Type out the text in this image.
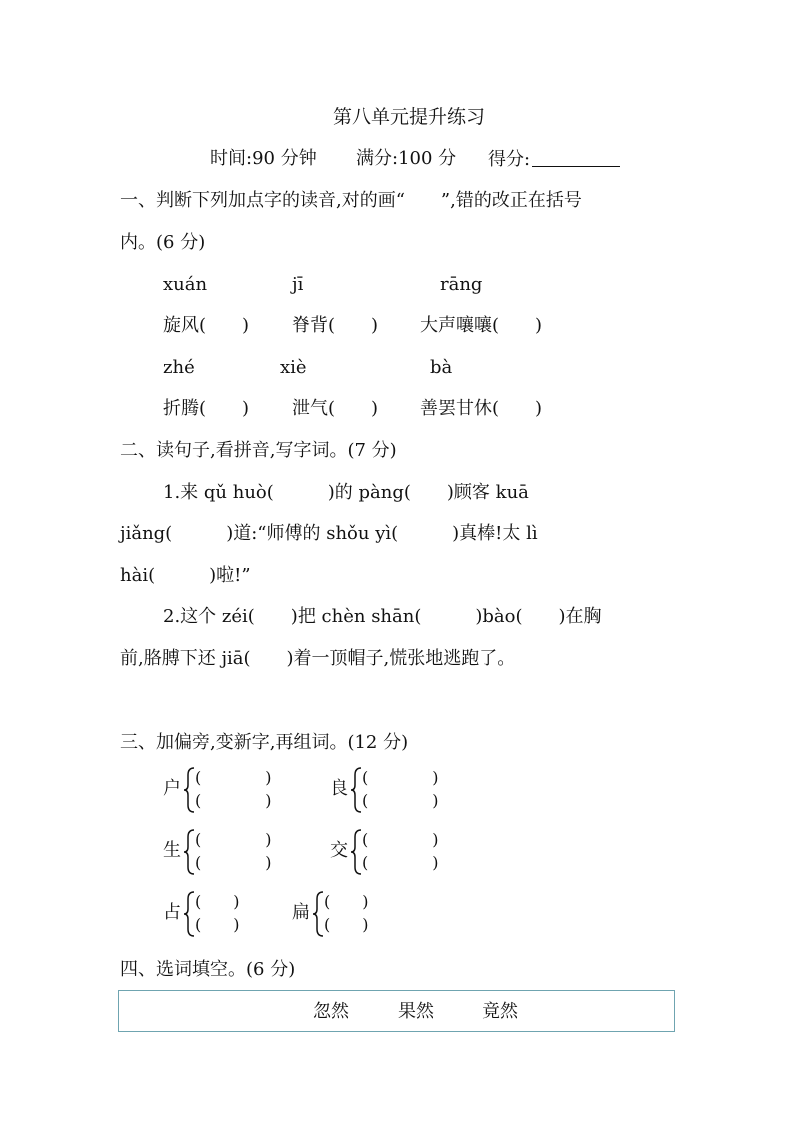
第八单元提升练习
时间:90 分钟 满分:100 分 得分:
一、判断下列加点字的读音,对的画“　　”,错的改正在括号
内。(6 分)
xuán	jī	rāng
旋风(　　) 脊背(　　) 大声嚷嚷(　　)
zhé	xiè	bà
折腾(　　) 泄气(　　) 善罢甘休(　　)
二、读句子,看拼音,写字词。(7 分)
1.来 qǔ huò(　　　)的 pàng(　　)顾客 kuā
jiǎng(　　　)道:“师傅的 shǒu yì(　　　)真棒!太 lì
hài(　　　)啦!”
2.这个 zéi(　　)把 chèn shān(　　　)bào(　　)在胸
前,胳膊下还 jiā(　　)着一顶帽子,慌张地逃跑了。
三、加偏旁,变新字,再组词。(12 分)
户
(　　　　)
(　　　　)
良
(　　　　)
(　　　　)
生
(　　　　)
(　　　　)
交
(　　　　)
(　　　　)
占
(　　)
(　　)
扁
(　　)
(　　)
四、选词填空。(6 分)
忽然	果然	竟然
